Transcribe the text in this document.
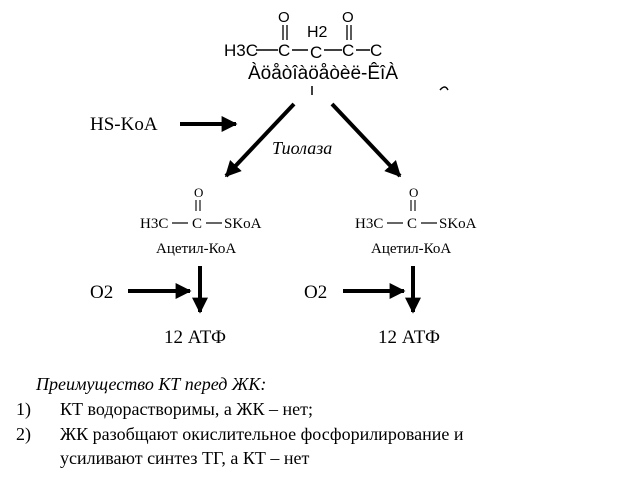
H3C C
O
H2
C C
O
C
Àöåòîàöåòèë-ÊîÀ
HS-KoA
Тиолаза
O
H3C C SKoA
Ацетил-КоА
O2
12 АТФ
O
H3C C SKoA
Ацетил-КоА
O2
12 АТФ
Преимущество КТ перед ЖК:
1) КТ водорастворимы, а ЖК – нет;
2) ЖК разобщают окислительное фосфорилирование и
усиливают синтез ТГ, а КТ – нет
